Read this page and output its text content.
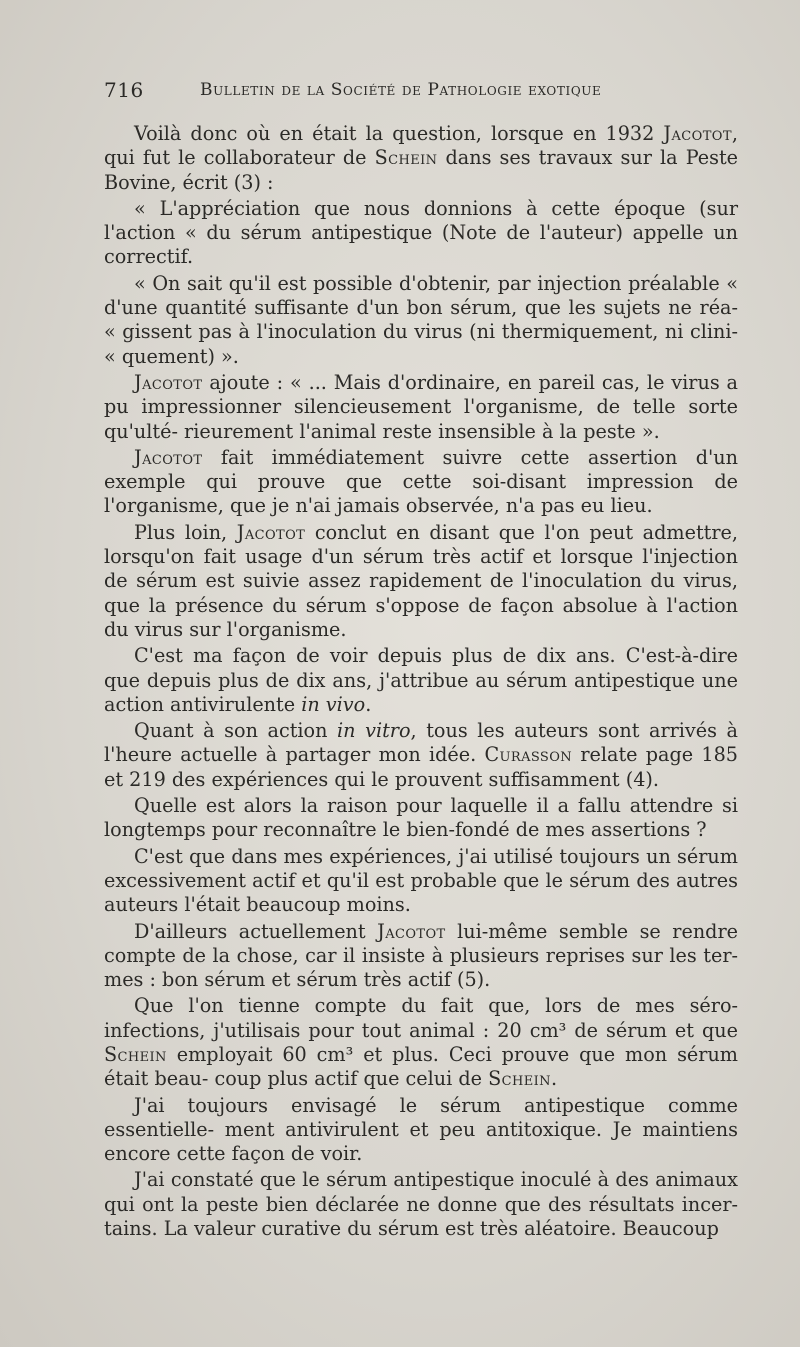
716	Bulletin de la Société de Pathologie exotique

Voilà donc où en était la question, lorsque en 1932 Jacotot, qui fut le collaborateur de Schein dans ses travaux sur la Peste Bovine, écrit (3) :

« L'appréciation que nous donnions à cette époque (sur l'action « du sérum antipestique (Note de l'auteur) appelle un correctif.

« On sait qu'il est possible d'obtenir, par injection préalable « d'une quantité suffisante d'un bon sérum, que les sujets ne réa- « gissent pas à l'inoculation du virus (ni thermiquement, ni clini- « quement) ».

Jacotot ajoute : « ... Mais d'ordinaire, en pareil cas, le virus a pu impressionner silencieusement l'organisme, de telle sorte qu'ulté- rieurement l'animal reste insensible à la peste ».

Jacotot fait immédiatement suivre cette assertion d'un exemple qui prouve que cette soi-disant impression de l'organisme, que je n'ai jamais observée, n'a pas eu lieu.

Plus loin, Jacotot conclut en disant que l'on peut admettre, lorsqu'on fait usage d'un sérum très actif et lorsque l'injection de sérum est suivie assez rapidement de l'inoculation du virus, que la présence du sérum s'oppose de façon absolue à l'action du virus sur l'organisme.

C'est ma façon de voir depuis plus de dix ans. C'est-à-dire que depuis plus de dix ans, j'attribue au sérum antipestique une action antivirulente in vivo.

Quant à son action in vitro, tous les auteurs sont arrivés à l'heure actuelle à partager mon idée. Curasson relate page 185 et 219 des expériences qui le prouvent suffisamment (4).

Quelle est alors la raison pour laquelle il a fallu attendre si longtemps pour reconnaître le bien-fondé de mes assertions ?

C'est que dans mes expériences, j'ai utilisé toujours un sérum excessivement actif et qu'il est probable que le sérum des autres auteurs l'était beaucoup moins.

D'ailleurs actuellement Jacotot lui-même semble se rendre compte de la chose, car il insiste à plusieurs reprises sur les ter- mes : bon sérum et sérum très actif (5).

Que l'on tienne compte du fait que, lors de mes séro-infections, j'utilisais pour tout animal : 20 cm³ de sérum et que Schein employait 60 cm³ et plus. Ceci prouve que mon sérum était beau- coup plus actif que celui de Schein.

J'ai toujours envisagé le sérum antipestique comme essentielle- ment antivirulent et peu antitoxique. Je maintiens encore cette façon de voir.

J'ai constaté que le sérum antipestique inoculé à des animaux qui ont la peste bien déclarée ne donne que des résultats incer- tains. La valeur curative du sérum est très aléatoire. Beaucoup
